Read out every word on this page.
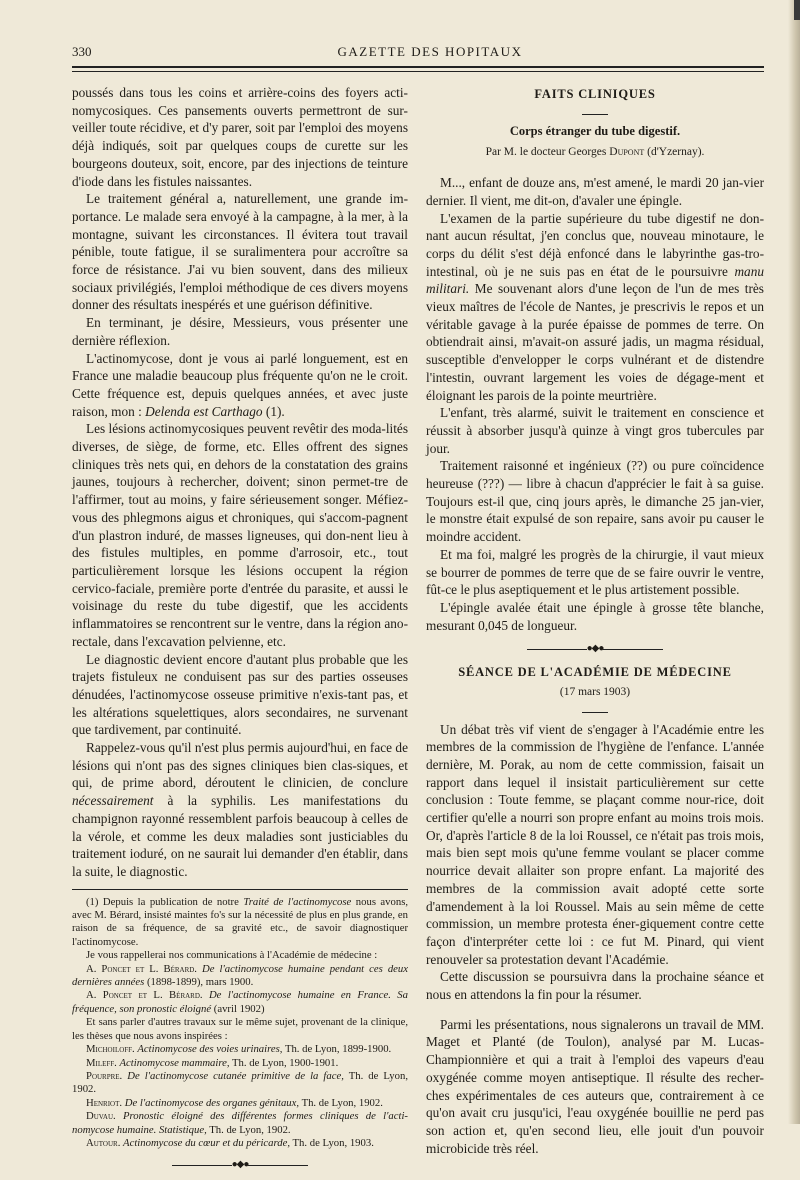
330	GAZETTE DES HOPITAUX

poussés dans tous les coins et arrière-coins des foyers acti-nomycosiques. Ces pansements ouverts permettront de sur-veiller toute récidive, et d'y parer, soit par l'emploi des moyens déjà indiqués, soit par quelques coups de curette sur les bourgeons douteux, soit, encore, par des injections de teinture d'iode dans les fistules naissantes.

Le traitement général a, naturellement, une grande im-portance. Le malade sera envoyé à la campagne, à la mer, à la montagne, suivant les circonstances. Il évitera tout travail pénible, toute fatigue, il se suralimentera pour accroître sa force de résistance. J'ai vu bien souvent, dans des milieux sociaux privilégiés, l'emploi méthodique de ces divers moyens donner des résultats inespérés et une guérison définitive.

En terminant, je désire, Messieurs, vous présenter une dernière réflexion.

L'actinomycose, dont je vous ai parlé longuement, est en France une maladie beaucoup plus fréquente qu'on ne le croit. Cette fréquence est, depuis quelques années, et avec juste raison, mon : Delenda est Carthago (1).

Les lésions actinomycosiques peuvent revêtir des moda-lités diverses, de siège, de forme, etc. Elles offrent des signes cliniques très nets qui, en dehors de la constatation des grains jaunes, toujours à rechercher, doivent; sinon permet-tre de l'affirmer, tout au moins, y faire sérieusement songer. Méfiez-vous des phlegmons aigus et chroniques, qui s'accom-pagnent d'un plastron induré, de masses ligneuses, qui don-nent lieu à des fistules multiples, en pomme d'arrosoir, etc., tout particulièrement lorsque les lésions occupent la région cervico-faciale, première porte d'entrée du parasite, et aussi le voisinage du reste du tube digestif, que les accidents inflammatoires se rencontrent sur le ventre, dans la région ano-rectale, dans l'excavation pelvienne, etc.

Le diagnostic devient encore d'autant plus probable que les trajets fistuleux ne conduisent pas sur des parties osseuses dénudées, l'actinomycose osseuse primitive n'exis-tant pas, et les altérations squelettiques, alors secondaires, ne survenant que tardivement, par continuité.

Rappelez-vous qu'il n'est plus permis aujourd'hui, en face de lésions qui n'ont pas des signes cliniques bien clas-siques, et qui, de prime abord, déroutent le clinicien, de conclure nécessairement à la syphilis. Les manifestations du champignon rayonné ressemblent parfois beaucoup à celles de la vérole, et comme les deux maladies sont justiciables du traitement ioduré, on ne saurait lui demander d'en établir, dans la suite, le diagnostic.

(1) Depuis la publication de notre Traité de l'actinomycose nous avons, avec M. Bérard, insisté maintes fo's sur la nécessité de plus en plus grande, en raison de sa fréquence, de sa gravité etc., de savoir diagnostiquer l'actinomycose.

Je vous rappellerai nos communications à l'Académie de médecine :

A. Poncet et L. Bérard. De l'actinomycose humaine pendant ces deux dernières années (1898-1899), mars 1900.

A. Poncet et L. Bérard. De l'actinomycose humaine en France. Sa fréquence, son pronostic éloigné (avril 1902)

Et sans parler d'autres travaux sur le même sujet, provenant de la clinique, les thèses que nous avons inspirées :

Michoiloff. Actinomycose des voies urinaires, Th. de Lyon, 1899-1900.

Mileff. Actinomycose mammaire, Th. de Lyon, 1900-1901.

Pourpre. De l'actinomycose cutanée primitive de la face, Th. de Lyon, 1902.

Henriot. De l'actinomycose des organes génitaux, Th. de Lyon, 1902.

Duvau. Pronostic éloigné des différentes formes cliniques de l'acti-nomycose humaine. Statistique, Th. de Lyon, 1902.

Autour. Actinomycose du cœur et du péricarde, Th. de Lyon, 1903.

●◆●
FAITS CLINIQUES
Corps étranger du tube digestif.
Par M. le docteur Georges Dupont (d'Yzernay).

M..., enfant de douze ans, m'est amené, le mardi 20 jan-vier dernier. Il vient, me dit-on, d'avaler une épingle.

L'examen de la partie supérieure du tube digestif ne don-nant aucun résultat, j'en conclus que, nouveau minotaure, le corps du délit s'est déjà enfoncé dans le labyrinthe gas-tro-intestinal, où je ne suis pas en état de le poursuivre manu militari. Me souvenant alors d'une leçon de l'un de mes très vieux maîtres de l'école de Nantes, je prescrivis le repos et un véritable gavage à la purée épaisse de pommes de terre. On obtiendrait ainsi, m'avait-on assuré jadis, un magma résidual, susceptible d'envelopper le corps vulnérant et de distendre l'intestin, ouvrant largement les voies de dégage-ment et éloignant les parois de la pointe meurtrière.

L'enfant, très alarmé, suivit le traitement en conscience et réussit à absorber jusqu'à quinze à vingt gros tubercules par jour.

Traitement raisonné et ingénieux (??) ou pure coïncidence heureuse (???) — libre à chacun d'apprécier le fait à sa guise. Toujours est-il que, cinq jours après, le dimanche 25 jan-vier, le monstre était expulsé de son repaire, sans avoir pu causer le moindre accident.

Et ma foi, malgré les progrès de la chirurgie, il vaut mieux se bourrer de pommes de terre que de se faire ouvrir le ventre, fût-ce le plus aseptiquement et le plus artistement possible.

L'épingle avalée était une épingle à grosse tête blanche, mesurant 0,045 de longueur.

●◆●
SÉANCE DE L'ACADÉMIE DE MÉDECINE
(17 mars 1903)

Un débat très vif vient de s'engager à l'Académie entre les membres de la commission de l'hygiène de l'enfance. L'année dernière, M. Porak, au nom de cette commission, faisait un rapport dans lequel il insistait particulièrement sur cette conclusion : Toute femme, se plaçant comme nour-rice, doit certifier qu'elle a nourri son propre enfant au moins trois mois. Or, d'après l'article 8 de la loi Roussel, ce n'était pas trois mois, mais bien sept mois qu'une femme voulant se placer comme nourrice devait allaiter son propre enfant. La majorité des membres de la commission avait adopté cette sorte d'amendement à la loi Roussel. Mais au sein même de cette commission, un membre protesta éner-giquement contre cette façon d'interpréter cette loi : ce fut M. Pinard, qui vient renouveler sa protestation devant l'Académie.

Cette discussion se poursuivra dans la prochaine séance et nous en attendons la fin pour la résumer.

Parmi les présentations, nous signalerons un travail de MM. Maget et Planté (de Toulon), analysé par M. Lucas-Championnière et qui a trait à l'emploi des vapeurs d'eau oxygénée comme moyen antiseptique. Il résulte des recher-ches expérimentales de ces auteurs que, contrairement à ce qu'on avait cru jusqu'ici, l'eau oxygénée bouillie ne perd pas son action et, qu'en second lieu, elle jouit d'un pouvoir microbicide très réel.
